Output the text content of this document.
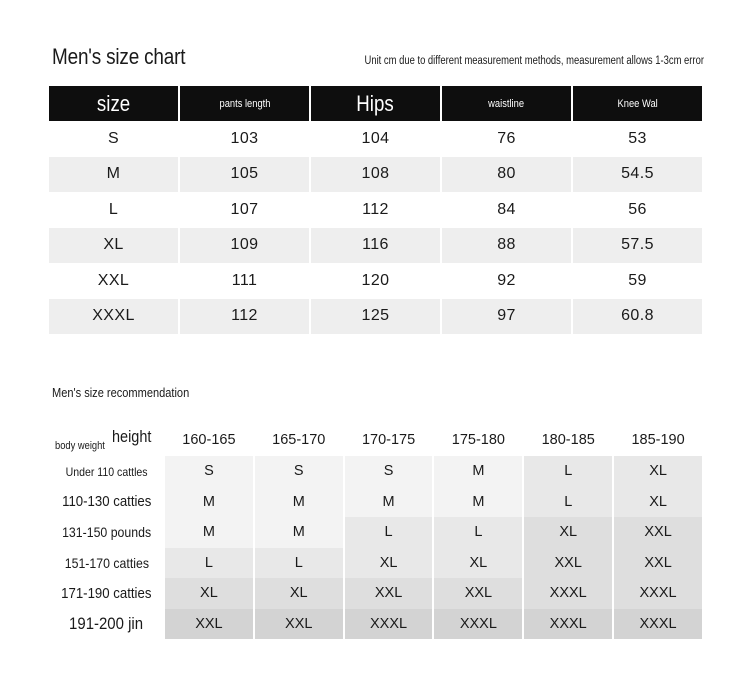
Men's size chart	Unit cm due to different measurement methods, measurement allows 1-3cm error
size	pants length	Hips	waistline	Knee Wal
S	103	104	76	53
M	105	108	80	54.5
L	107	112	84	56
XL	109	116	88	57.5
XXL	111	120	92	59
XXXL	112	125	97	60.8
Men's size recommendation
height
body weight	160-165	165-170	170-175	175-180	180-185	185-190
Under 110 cattles	S	S	S	M	L	XL
110-130 catties	M	M	M	M	L	XL
131-150 pounds	M	M	L	L	XL	XXL
151-170 catties	L	L	XL	XL	XXL	XXL
171-190 catties	XL	XL	XXL	XXL	XXXL	XXXL
191-200 jin	XXL	XXL	XXXL	XXXL	XXXL	XXXL
